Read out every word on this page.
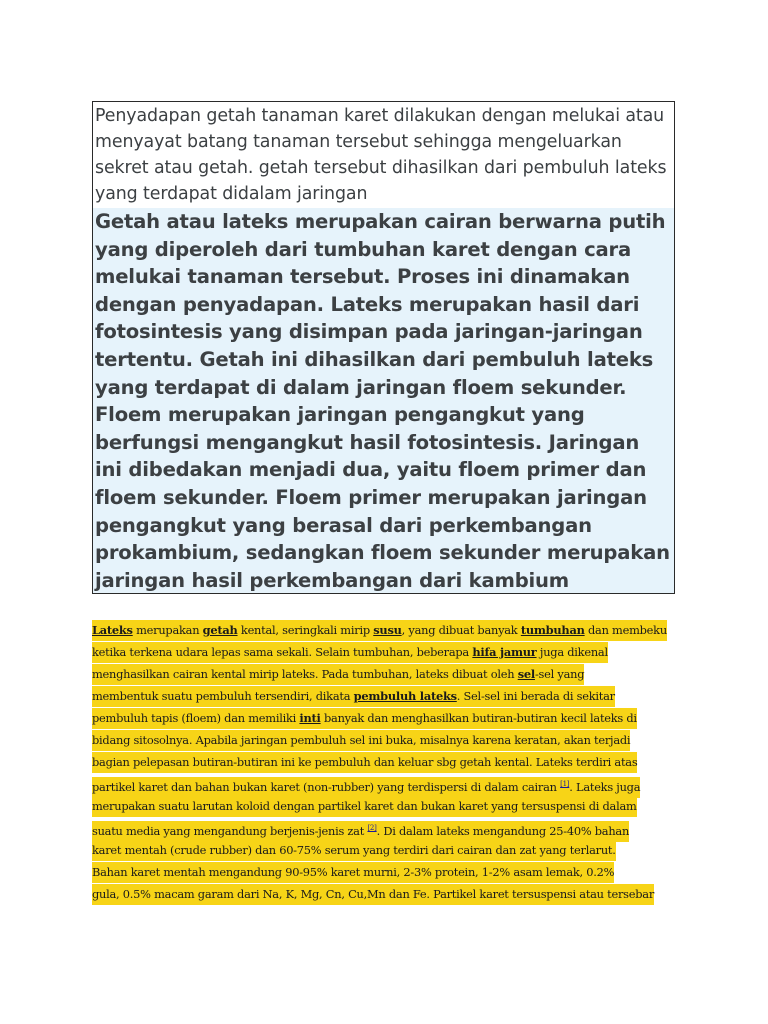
Penyadapan getah tanaman karet dilakukan dengan melukai atau menyayat batang tanaman tersebut sehingga mengeluarkan sekret atau getah. getah tersebut dihasilkan dari pembuluh lateks yang terdapat didalam jaringan

Getah atau lateks merupakan cairan berwarna putih yang diperoleh dari tumbuhan karet dengan cara melukai tanaman tersebut. Proses ini dinamakan dengan penyadapan. Lateks merupakan hasil dari fotosintesis yang disimpan pada jaringan-jaringan tertentu. Getah ini dihasilkan dari pembuluh lateks yang terdapat di dalam jaringan floem sekunder. Floem merupakan jaringan pengangkut yang berfungsi mengangkut hasil fotosintesis. Jaringan ini dibedakan menjadi dua, yaitu floem primer dan floem sekunder. Floem primer merupakan jaringan pengangkut yang berasal dari perkembangan prokambium, sedangkan floem sekunder merupakan jaringan hasil perkembangan dari kambium

Lateks merupakan getah kental, seringkali mirip susu, yang dibuat banyak tumbuhan dan membeku
ketika terkena udara lepas sama sekali. Selain tumbuhan, beberapa hifa jamur juga dikenal
menghasilkan cairan kental mirip lateks. Pada tumbuhan, lateks dibuat oleh sel-sel yang
membentuk suatu pembuluh tersendiri, dikata pembuluh lateks. Sel-sel ini berada di sekitar
pembuluh tapis (floem) dan memiliki inti banyak dan menghasilkan butiran-butiran kecil lateks di
bidang sitosolnya. Apabila jaringan pembuluh sel ini buka, misalnya karena keratan, akan terjadi
bagian pelepasan butiran-butiran ini ke pembuluh dan keluar sbg getah kental. Lateks terdiri atas
partikel karet dan bahan bukan karet (non-rubber) yang terdispersi di dalam cairan [1]. Lateks juga
merupakan suatu larutan koloid dengan partikel karet dan bukan karet yang tersuspensi di dalam
suatu media yang mengandung berjenis-jenis zat [2]. Di dalam lateks mengandung 25-40% bahan
karet mentah (crude rubber) dan 60-75% serum yang terdiri dari cairan dan zat yang terlarut.
Bahan karet mentah mengandung 90-95% karet murni, 2-3% protein, 1-2% asam lemak, 0.2%
gula, 0.5% macam garam dari Na, K, Mg, Cn, Cu,Mn dan Fe. Partikel karet tersuspensi atau tersebar
